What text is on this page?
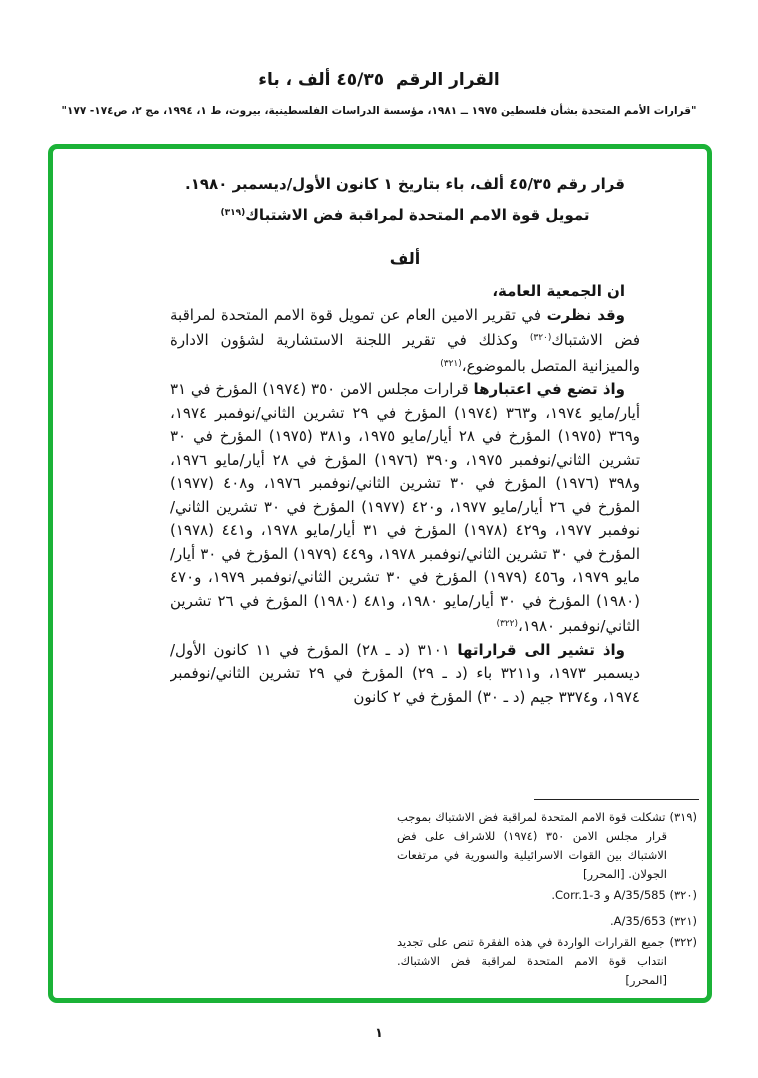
القرار الرقم  ٤٥/٣٥ ألف ، باء
"قرارات الأمم المتحدة بشأن فلسطين ١٩٧٥ ــ ١٩٨١، مؤسسة الدراسات الفلسطينية، بيروت، ط ١، ١٩٩٤، مج ٢، ص١٧٤- ١٧٧"
قرار رقم ٤٥/٣٥ ألف، باء بتاريخ ١ كانون الأول/ديسمبر ١٩٨٠.
تمويل قوة الامم المتحدة لمراقبة فض الاشتباك$^{(٣١٩)}$
ألف

ان الجمعية العامة،

وقد نظرت في تقرير الامين العام عن تمويل قوة الامم المتحدة لمراقبة فض الاشتباك$^{(٣٢٠)}$ وكذلك في تقرير اللجنة الاستشارية لشؤون الادارة والميزانية المتصل بالموضوع،$^{(٣٢١)}$

واذ تضع في اعتبارها قرارات مجلس الامن ٣٥٠ (١٩٧٤) المؤرخ في ٣١ أيار/مايو ١٩٧٤، و٣٦٣ (١٩٧٤) المؤرخ في ٢٩ تشرين الثاني/نوفمبر ١٩٧٤، و٣٦٩ (١٩٧٥) المؤرخ في ٢٨ أيار/مايو ١٩٧٥، و٣٨١ (١٩٧٥) المؤرخ في ٣٠ تشرين الثاني/نوفمبر ١٩٧٥، و٣٩٠ (١٩٧٦) المؤرخ في ٢٨ أيار/مايو ١٩٧٦، و٣٩٨ (١٩٧٦) المؤرخ في ٣٠ تشرين الثاني/نوفمبر ١٩٧٦، و٤٠٨ (١٩٧٧) المؤرخ في ٢٦ أيار/مايو ١٩٧٧، و٤٢٠ (١٩٧٧) المؤرخ في ٣٠ تشرين الثاني/نوفمبر ١٩٧٧، و٤٢٩ (١٩٧٨) المؤرخ في ٣١ أيار/مايو ١٩٧٨، و٤٤١ (١٩٧٨) المؤرخ في ٣٠ تشرين الثاني/نوفمبر ١٩٧٨، و٤٤٩ (١٩٧٩) المؤرخ في ٣٠ أيار/مايو ١٩٧٩، و٤٥٦ (١٩٧٩) المؤرخ في ٣٠ تشرين الثاني/نوفمبر ١٩٧٩، و٤٧٠ (١٩٨٠) المؤرخ في ٣٠ أيار/مايو ١٩٨٠، و٤٨١ (١٩٨٠) المؤرخ في ٢٦ تشرين الثاني/نوفمبر ١٩٨٠،$^{(٣٢٢)}$

واذ تشير الى قراراتها ٣١٠١ (د ـ ٢٨) المؤرخ في ١١ كانون الأول/ديسمبر ١٩٧٣، و٣٢١١ باء (د ـ ٢٩) المؤرخ في ٢٩ تشرين الثاني/نوفمبر ١٩٧٤، و٣٣٧٤ جيم (د ـ ٣٠) المؤرخ في ٢ كانون

(٣١٩) تشكلت قوة الامم المتحدة لمراقبة فض الاشتباك بموجب قرار مجلس الامن ٣٥٠ (١٩٧٤) للاشراف على فض الاشتباك بين القوات الاسرائيلية والسورية في مرتفعات الجولان. [المحرر]

(٣٢٠) A/35/585 و Corr.1-3.

(٣٢١) A/35/653.

(٣٢٢) جميع القرارات الواردة في هذه الفقرة تنص على تجديد انتداب قوة الامم المتحدة لمراقبة فض الاشتباك. [المحرر]

١
